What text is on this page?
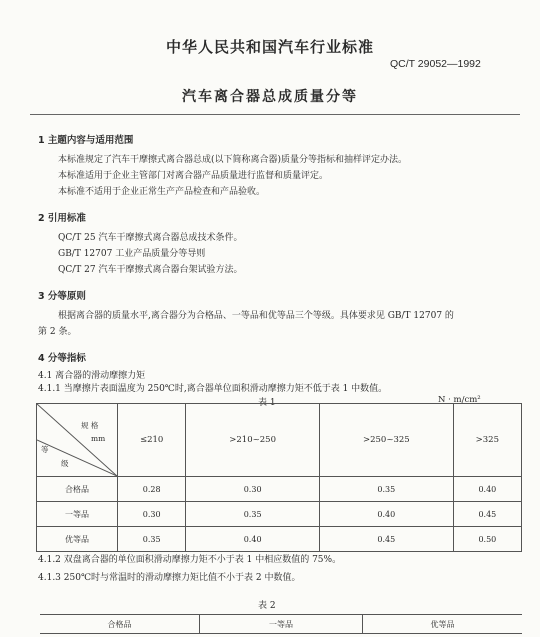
中华人民共和国汽车行业标准
QC/T 29052—1992
汽车离合器总成质量分等
1 主题内容与适用范围
本标准规定了汽车干摩擦式离合器总成(以下简称离合器)质量分等指标和抽样评定办法。
本标准适用于企业主管部门对离合器产品质量进行监督和质量评定。
本标准不适用于企业正常生产产品检查和产品验收。
2 引用标准
QC/T 25 汽车干摩擦式离合器总成技术条件。
GB/T 12707 工业产品质量分等导则
QC/T 27 汽车干摩擦式离合器台架试验方法。
3 分等原则
根据离合器的质量水平,离合器分为合格品、一等品和优等品三个等级。具体要求见 GB/T 12707 的
第 2 条。
4 分等指标
4.1 离合器的滑动摩擦力矩
4.1.1 当摩擦片表面温度为 250℃时,离合器单位面积滑动摩擦力矩不低于表 1 中数值。
表 1	N · m/cm²
规 格
mm
等
级	≤210	>210~250	>250~325	>325
合格品	0.28	0.30	0.35	0.40
一等品	0.30	0.35	0.40	0.45
优等品	0.35	0.40	0.45	0.50
4.1.2 双盘离合器的单位面积滑动摩擦力矩不小于表 1 中相应数值的 75%。
4.1.3 250℃时与常温时的滑动摩擦力矩比值不小于表 2 中数值。
表 2
合格品	一等品	优等品
